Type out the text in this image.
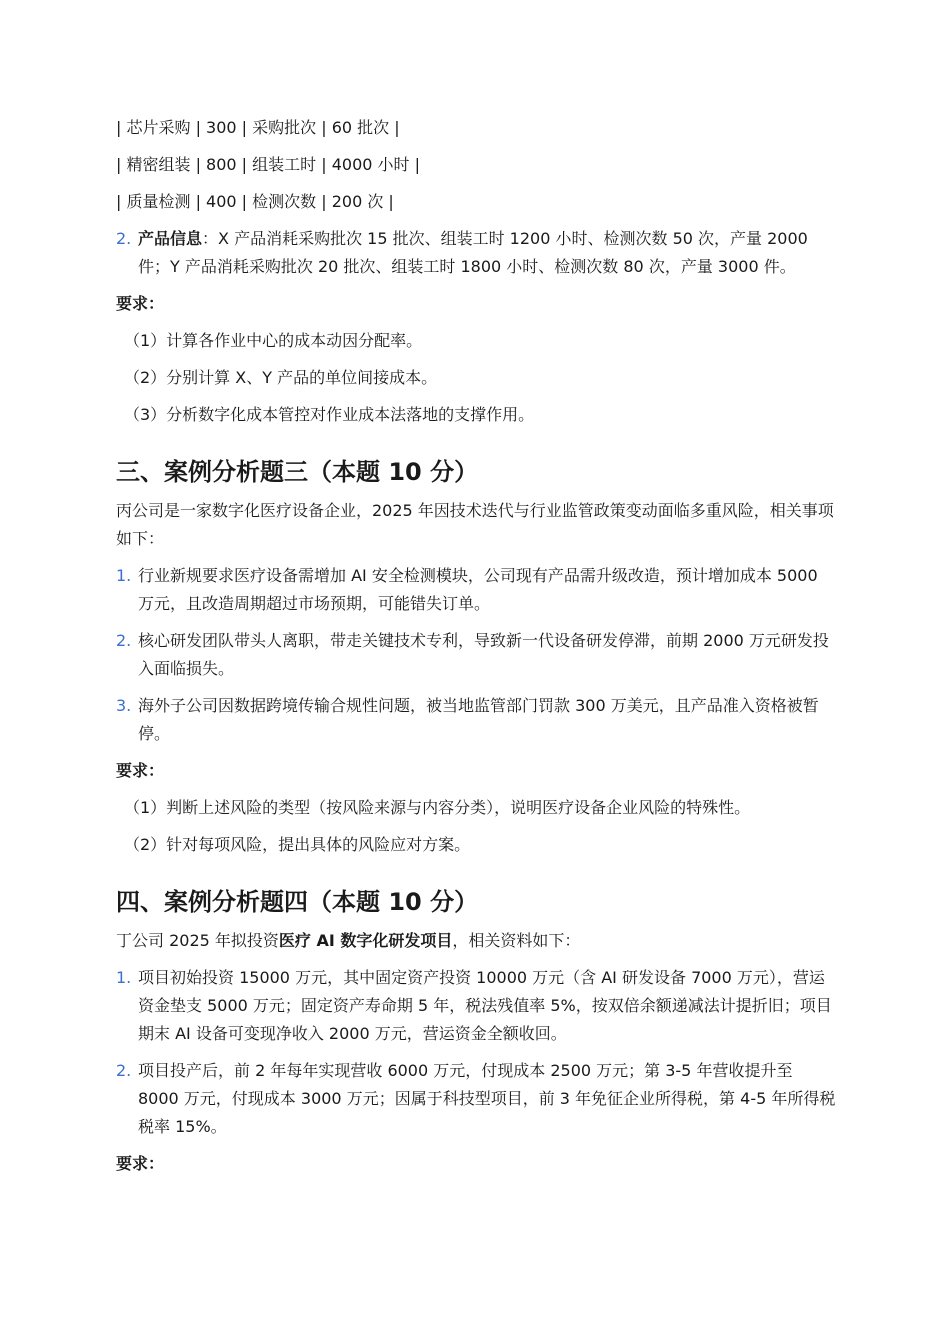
| 芯片采购 | 300 | 采购批次 | 60 批次 |

| 精密组装 | 800 | 组装工时 | 4000 小时 |

| 质量检测 | 400 | 检测次数 | 200 次 |

2. 产品信息：X 产品消耗采购批次 15 批次、组装工时 1200 小时、检测次数 50 次，产量 2000 件；Y 产品消耗采购批次 20 批次、组装工时 1800 小时、检测次数 80 次，产量 3000 件。
要求：
（1）计算各作业中心的成本动因分配率。
（2）分别计算 X、Y 产品的单位间接成本。
（3）分析数字化成本管控对作业成本法落地的支撑作用。
三、案例分析题三（本题 10 分）

丙公司是一家数字化医疗设备企业，2025 年因技术迭代与行业监管政策变动面临多重风险，相关事项如下：

1. 行业新规要求医疗设备需增加 AI 安全检测模块，公司现有产品需升级改造，预计增加成本 5000 万元，且改造周期超过市场预期，可能错失订单。
2. 核心研发团队带头人离职，带走关键技术专利，导致新一代设备研发停滞，前期 2000 万元研发投入面临损失。
3. 海外子公司因数据跨境传输合规性问题，被当地监管部门罚款 300 万美元，且产品准入资格被暂停。
要求：
（1）判断上述风险的类型（按风险来源与内容分类），说明医疗设备企业风险的特殊性。
（2）针对每项风险，提出具体的风险应对方案。
四、案例分析题四（本题 10 分）

丁公司 2025 年拟投资医疗 AI 数字化研发项目，相关资料如下：

1. 项目初始投资 15000 万元，其中固定资产投资 10000 万元（含 AI 研发设备 7000 万元），营运资金垫支 5000 万元；固定资产寿命期 5 年，税法残值率 5%，按双倍余额递减法计提折旧；项目期末 AI 设备可变现净收入 2000 万元，营运资金全额收回。
2. 项目投产后，前 2 年每年实现营收 6000 万元，付现成本 2500 万元；第 3-5 年营收提升至 8000 万元，付现成本 3000 万元；因属于科技型项目，前 3 年免征企业所得税，第 4-5 年所得税税率 15%。
要求：
